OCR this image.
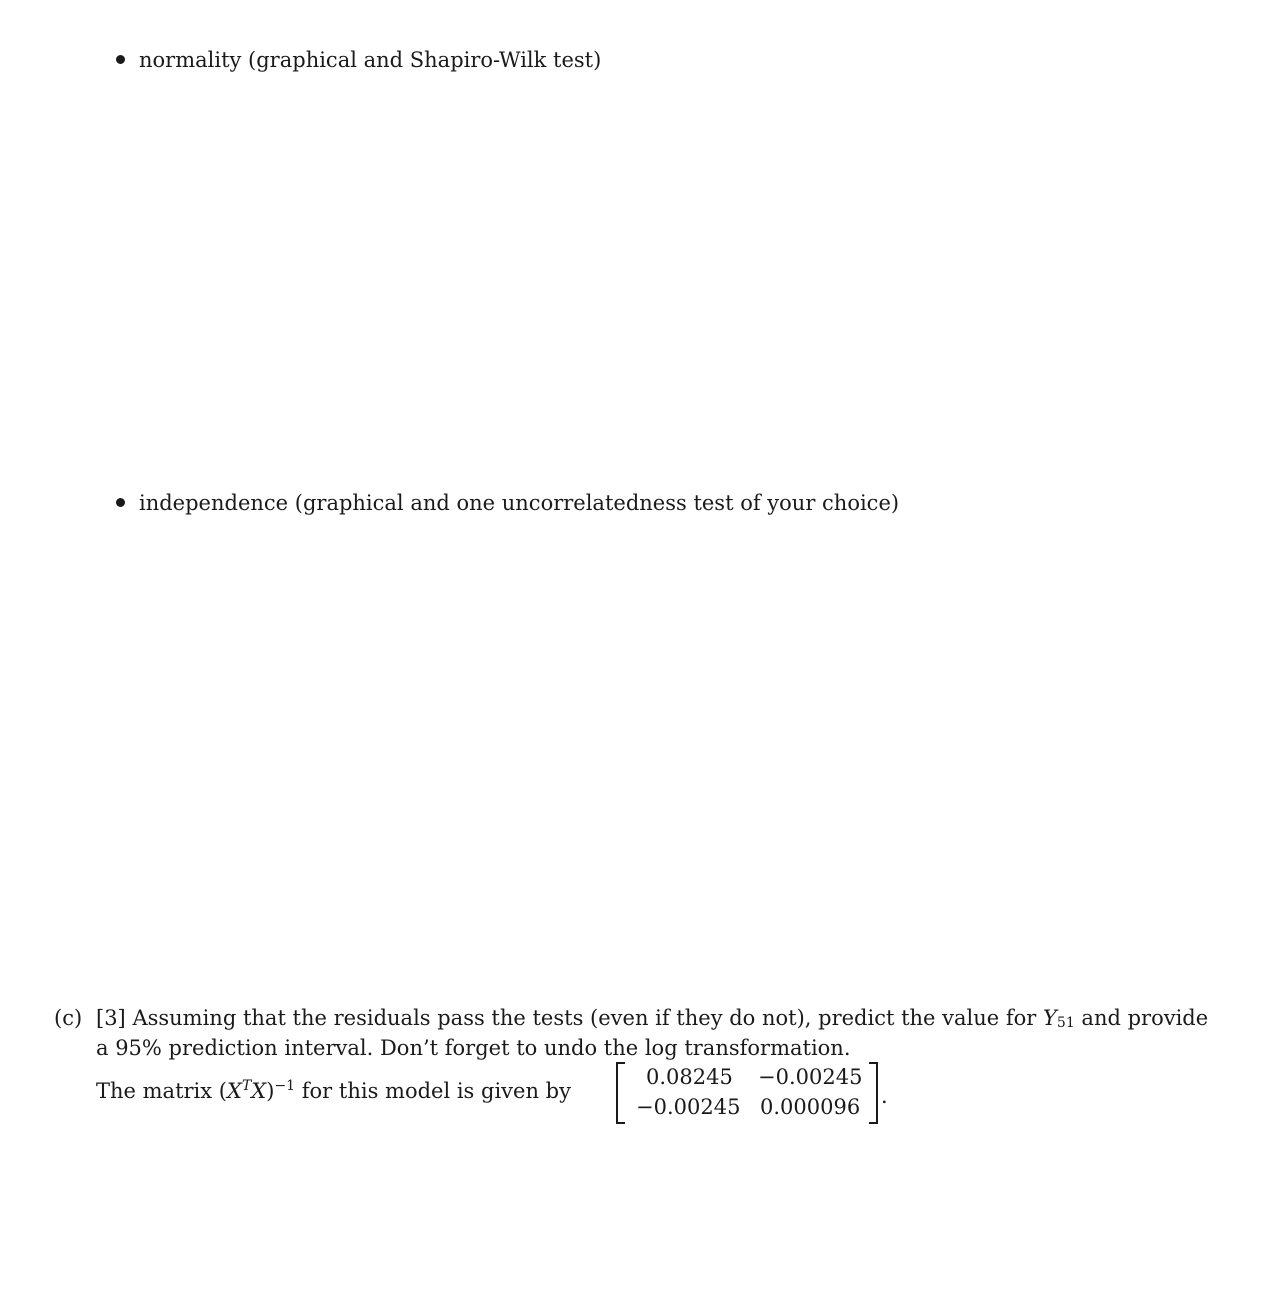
normality (graphical and Shapiro-Wilk test)
independence (graphical and one uncorrelatedness test of your choice)
(c) [3] Assuming that the residuals pass the tests (even if they do not), predict the value for $Y_{51}$ and provide
a 95% prediction interval. Don’t forget to undo the log transformation.
The matrix $(X^TX)^{-1}$ for this model is given by
0.08245 −0.00245
−0.00245 0.000096 .
